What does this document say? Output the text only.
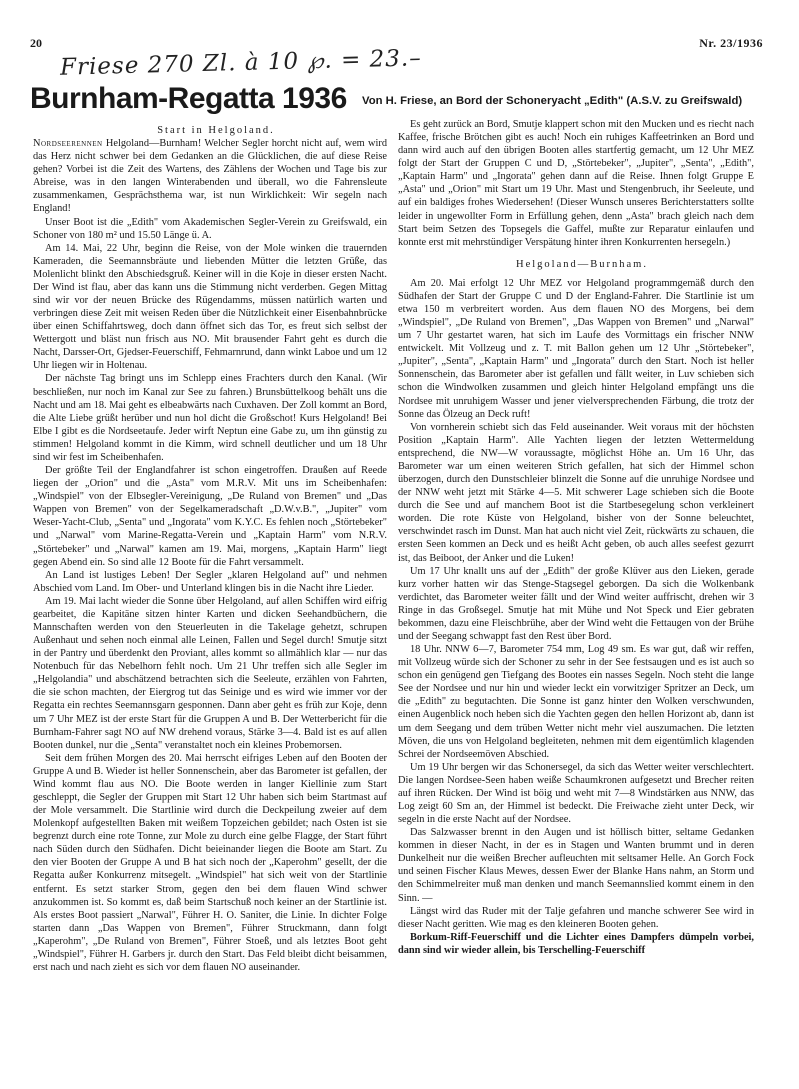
20	Nr. 23/1936
Friese 270 Zl. à 10 ℘. = 23.–
Burnham-Regatta 1936 Von H. Friese, an Bord der Schoneryacht „Edith" (A.S.V. zu Greifswald)

Start in Helgoland.

Nordseerennen Helgoland—Burnham! Welcher Segler horcht nicht auf, wem wird das Herz nicht schwer bei dem Gedanken an die Glücklichen, die auf diese Reise gehen? Vorbei ist die Zeit des Wartens, des Zählens der Wochen und Tage bis zur Abreise, was in den langen Winterabenden und überall, wo die Fahrensleute zusammenkamen, Gesprächsthema war, ist nun Wirklichkeit: Wir segeln nach England!

Unser Boot ist die „Edith" vom Akademischen Segler-Verein zu Greifswald, ein Schoner von 180 m² und 15.50 Länge ü. A.

Am 14. Mai, 22 Uhr, beginn die Reise, von der Mole winken die trauernden Kameraden, die Seemannsbräute und liebenden Mütter die letzten Grüße, das Molenlicht blinkt den Abschiedsgruß. Keiner will in die Koje in dieser ersten Nacht. Der Wind ist flau, aber das kann uns die Stimmung nicht verderben. Gegen Mittag sind wir vor der neuen Brücke des Rügendamms, müssen natürlich warten und verbringen diese Zeit mit weisen Reden über die Nützlichkeit einer Eisenbahnbrücke über einen Schiffahrtsweg, doch dann öffnet sich das Tor, es freut sich selbst der Wettergott und bläst nun frisch aus NO. Mit brausender Fahrt geht es durch die Nacht, Darsser-Ort, Gjedser-Feuerschiff, Fehmarnrund, dann winkt Laboe und um 12 Uhr liegen wir in Holtenau.

Der nächste Tag bringt uns im Schlepp eines Frachters durch den Kanal. (Wir beschließen, nur noch im Kanal zur See zu fahren.) Brunsbüttelkoog behält uns die Nacht und am 18. Mai geht es elbeabwärts nach Cuxhaven. Der Zoll kommt an Bord, die Alte Liebe grüßt herüber und nun hol dicht die Großschot! Kurs Helgoland! Bei Elbe I gibt es die Nordseetaufe. Jeder wirft Neptun eine Gabe zu, um ihn günstig zu stimmen! Helgoland kommt in die Kimm, wird schnell deutlicher und um 18 Uhr sind wir fest im Scheibenhafen.

Der größte Teil der Englandfahrer ist schon eingetroffen. Draußen auf Reede liegen der „Orion" und die „Asta" vom M.R.V. Mit uns im Scheibenhafen: „Windspiel" von der Elbsegler-Vereinigung, „De Ruland von Bremen" und „Das Wappen von Bremen" von der Segelkameradschaft „D.W.v.B.", „Jupiter" vom Weser-Yacht-Club, „Senta" und „Ingorata" vom K.Y.C. Es fehlen noch „Störtebeker" und „Narwal" vom Marine-Regatta-Verein und „Kaptain Harm" vom N.R.V. „Störtebeker" und „Narwal" kamen am 19. Mai, morgens, „Kaptain Harm" liegt gegen Abend ein. So sind alle 12 Boote für die Fahrt versammelt.

An Land ist lustiges Leben! Der Segler „klaren Helgoland auf" und nehmen Abschied vom Land. Im Ober- und Unterland klingen bis in die Nacht ihre Lieder.

Am 19. Mai lacht wieder die Sonne über Helgoland, auf allen Schiffen wird eifrig gearbeitet, die Kapitäne sitzen hinter Karten und dicken Seehandbüchern, die Mannschaften werden von den Steuerleuten in die Takelage gehetzt, schrupen Außenhaut und sehen noch einmal alle Leinen, Fallen und Segel durch! Smutje sitzt in der Pantry und überdenkt den Proviant, alles kommt so allmählich klar — nur das Notenbuch für das Nebelhorn fehlt noch. Um 21 Uhr treffen sich alle Segler im „Helgolandia" und abschätzend betrachten sich die Seeleute, erzählen von Fahrten, die sie schon machten, der Eiergrog tut das Seinige und es wird wie immer vor der Regatta ein rechtes Seemannsgarn gesponnen. Dann aber geht es früh zur Koje, denn um 7 Uhr MEZ ist der erste Start für die Gruppen A und B. Der Wetterbericht für die Burnham-Fahrer sagt NO auf NW drehend voraus, Stärke 3—4. Bald ist es auf allen Booten dunkel, nur die „Senta" veranstaltet noch ein kleines Probemorsen.

Seit dem frühen Morgen des 20. Mai herrscht eifriges Leben auf den Booten der Gruppe A und B. Wieder ist heller Sonnenschein, aber das Barometer ist gefallen, der Wind kommt flau aus NO. Die Boote werden in langer Kiellinie zum Start geschleppt, die Segler der Gruppen mit Start 12 Uhr haben sich beim Startmast auf der Mole versammelt. Die Startlinie wird durch die Deckpeilung zweier auf dem Molenkopf aufgestellten Baken mit weißem Topzeichen gebildet; nach Osten ist sie begrenzt durch eine rote Tonne, zur Mole zu durch eine gelbe Flagge, der Start führt nach Süden durch den Südhafen. Dicht beieinander liegen die Boote am Start. Zu den vier Booten der Gruppe A und B hat sich noch der „Kaperohm" gesellt, der die Regatta außer Konkurrenz mitsegelt. „Windspiel" hat sich weit von der Startlinie entfernt. Es setzt starker Strom, gegen den bei dem flauen Wind schwer anzukommen ist. So kommt es, daß beim Startschuß noch keiner an der Startlinie ist. Als erstes Boot passiert „Narwal", Führer H. O. Saniter, die Linie. In dichter Folge starten dann „Das Wappen von Bremen", Führer Struckmann, dann folgt „Kaperohm", „De Ruland von Bremen", Führer Stoeß, und als letztes Boot geht „Windspiel", Führer H. Garbers jr. durch den Start. Das Feld bleibt dicht beisammen, erst nach und nach zieht es sich vor dem flauen NO auseinander.

Es geht zurück an Bord, Smutje klappert schon mit den Mucken und es riecht nach Kaffee, frische Brötchen gibt es auch! Noch ein ruhiges Kaffeetrinken an Bord und dann wird auch auf den übrigen Booten alles startfertig gemacht, um 12 Uhr MEZ folgt der Start der Gruppen C und D, „Störtebeker", „Jupiter", „Senta", „Edith", „Kaptain Harm" und „Ingorata" gehen dann auf die Reise. Ihnen folgt Gruppe E „Asta" und „Orion" mit Start um 19 Uhr. Mast und Stengenbruch, ihr Seeleute, und auf ein baldiges frohes Wiedersehen! (Dieser Wunsch unseres Berichterstatters sollte leider in ungewollter Form in Erfüllung gehen, denn „Asta" brach gleich nach dem Start beim Setzen des Topsegels die Gaffel, mußte zur Reparatur einlaufen und konnte erst mit mehrstündiger Verspätung hinter ihren Konkurrenten hersegeln.)

Helgoland—Burnham.

Am 20. Mai erfolgt 12 Uhr MEZ vor Helgoland programmgemäß durch den Südhafen der Start der Gruppe C und D der England-Fahrer. Die Startlinie ist um etwa 150 m verbreitert worden. Aus dem flauen NO des Morgens, bei dem „Windspiel", „De Ruland von Bremen", „Das Wappen von Bremen" und „Narwal" um 7 Uhr gestartet waren, hat sich im Laufe des Vormittags ein frischer NNW entwickelt. Mit Vollzeug und z. T. mit Ballon gehen um 12 Uhr „Störtebeker", „Jupiter", „Senta", „Kaptain Harm" und „Ingorata" durch den Start. Noch ist heller Sonnenschein, das Barometer aber ist gefallen und fällt weiter, in Luv schieben sich schon die Windwolken zusammen und gleich hinter Helgoland empfängt uns die Nordsee mit unruhigem Wasser und jener vielversprechenden Färbung, die trotz der Sonne das Ölzeug an Deck ruft!

Von vornherein schiebt sich das Feld auseinander. Weit voraus mit der höchsten Position „Kaptain Harm". Alle Yachten liegen der letzten Wettermeldung entsprechend, die NW—W voraussagte, möglichst Höhe an. Um 16 Uhr, das Barometer war um einen weiteren Strich gefallen, hat sich der Himmel schon überzogen, durch den Dunstschleier blinzelt die Sonne auf die unruhige Nordsee und der NNW weht jetzt mit Stärke 4—5. Mit schwerer Lage schieben sich die Boote durch die See und auf manchem Boot ist die Startbesegelung schon verkleinert worden. Die rote Küste von Helgoland, bisher von der Sonne beleuchtet, verschwindet rasch im Dunst. Man hat auch nicht viel Zeit, rückwärts zu schauen, die ersten Seen kommen an Deck und es heißt Acht geben, ob auch alles seefest gezurrt ist, das Beiboot, der Anker und die Luken!

Um 17 Uhr knallt uns auf der „Edith" der große Klüver aus den Lieken, gerade kurz vorher hatten wir das Stenge-Stagsegel geborgen. Da sich die Wolkenbank verdichtet, das Barometer weiter fällt und der Wind weiter auffrischt, drehen wir 3 Ringe in das Großsegel. Smutje hat mit Mühe und Not Speck und Eier gebraten bekommen, dazu eine Fleischbrühe, aber der Wind weht die Fettaugen von der Brühe und der Seegang schwappt fast den Rest über Bord.

18 Uhr. NNW 6—7, Barometer 754 mm, Log 49 sm. Es war gut, daß wir reffen, mit Vollzeug würde sich der Schoner zu sehr in der See festsaugen und es ist auch so schon ein genügend gen Tiefgang des Bootes ein nasses Segeln. Noch steht die lange See der Nordsee und nur hin und wieder leckt ein vorwitziger Spritzer an Deck, um die „Edith" zu begutachten. Die Sonne ist ganz hinter den Wolken verschwunden, einen Augenblick noch heben sich die Yachten gegen den hellen Horizont ab, dann ist um dem Seegang und dem trüben Wetter nicht mehr viel auszumachen. Die letzten Möven, die uns von Helgoland begleiteten, nehmen mit dem eigentümlich klagenden Schrei der Nordseemöven Abschied.

Um 19 Uhr bergen wir das Schonersegel, da sich das Wetter weiter verschlechtert. Die langen Nordsee-Seen haben weiße Schaumkronen aufgesetzt und Brecher reiten auf ihren Rücken. Der Wind ist böig und weht mit 7—8 Windstärken aus NNW, das Log zeigt 60 Sm an, der Himmel ist bedeckt. Die Freiwache zieht unter Deck, wir segeln in die erste Nacht auf der Nordsee.

Das Salzwasser brennt in den Augen und ist höllisch bitter, seltame Gedanken kommen in dieser Nacht, in der es in Stagen und Wanten brummt und in deren Dunkelheit nur die weißen Brecher aufleuchten mit seltsamer Helle. An Gorch Fock und seinen Fischer Klaus Mewes, dessen Ewer der Blanke Hans nahm, an Storm und den Schimmelreiter muß man denken und manch Seemannslied kommt einem in den Sinn. —

Längst wird das Ruder mit der Talje gefahren und manche schwerer See wird in dieser Nacht geritten. Wie mag es den kleineren Booten gehen.

Borkum-Riff-Feuerschiff und die Lichter eines Dampfers dümpeln vorbei, dann sind wir wieder allein, bis Terschelling-Feuerschiff
